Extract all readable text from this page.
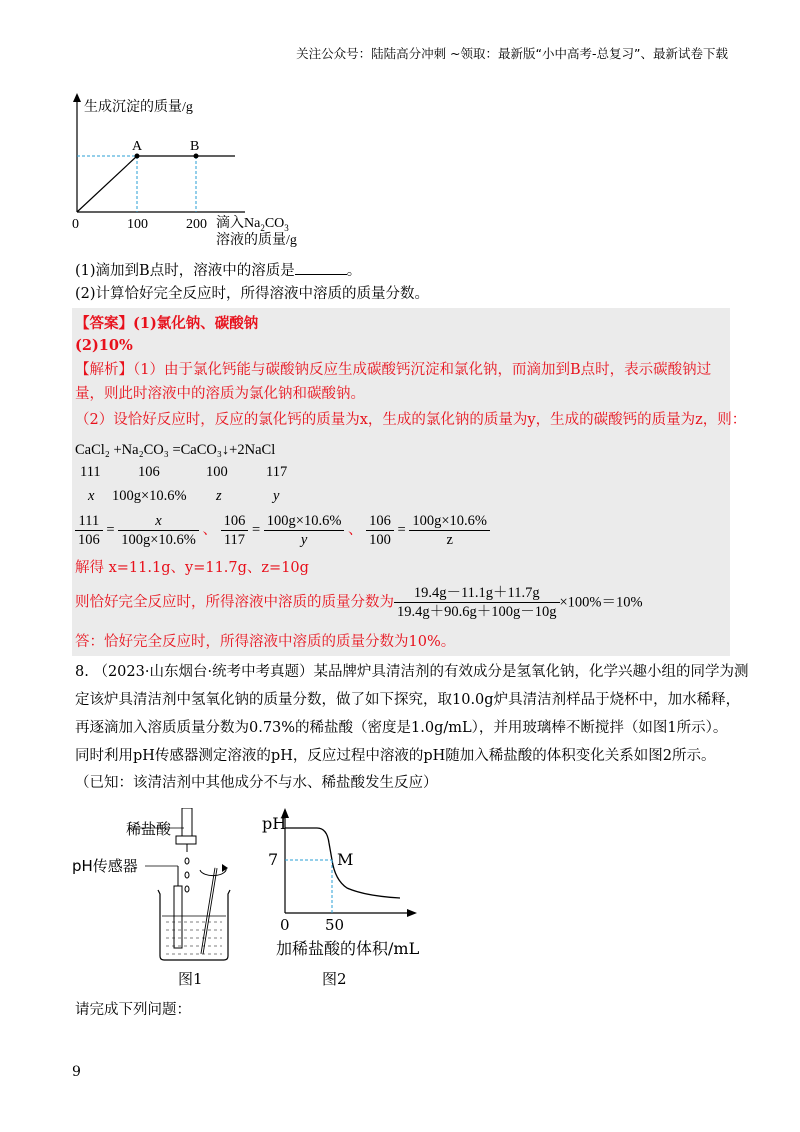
关注公众号：陆陆高分冲刺 ~领取：最新版“小中高考-总复习”、最新试卷下载
A	B
0	100	200
生成沉淀的质量/g
滴入$Na_2CO_3$
溶液的质量/g
(1)滴加到B点时，溶液中的溶质是	。
(2)计算恰好完全反应时，所得溶液中溶质的质量分数。
【答案】(1)氯化钠、碳酸钠
(2)10%
【解析】（1）由于氯化钙能与碳酸钠反应生成碳酸钙沉淀和氯化钠，而滴加到B点时，表示碳酸钠过
量，则此时溶液中的溶质为氯化钠和碳酸钠。
（2）设恰好反应时，反应的氯化钙的质量为x，生成的氯化钠的质量为y，生成的碳酸钙的质量为z，则：
CaCl₂ +Na₂CO₃ =CaCO₃↓+2NaCl
111	106	100	117
x 100g×10.6% z	y
$\frac{111}{106} = \frac{x}{100g\times 10.6\%}$ 、 $\frac{106}{117} = \frac{100g\times 10.6\%}{y}$ 、 $\frac{106}{100} = \frac{100g\times 10.6\%}{z}$
解得 x=11.1g、y=11.7g、z=10g
则恰好完全反应时，所得溶液中溶质的质量分数为 $\frac{19.4g-11.1g+11.7g}{19.4g+90.6g+100g-10g} \times 100\%=10\%$
答：恰好完全反应时，所得溶液中溶质的质量分数为10%。
8. （2023·山东烟台·统考中考真题）某品牌炉具清洁剂的有效成分是氢氧化钠，化学兴趣小组的同学为测
定该炉具清洁剂中氢氧化钠的质量分数，做了如下探究，取10.0g炉具清洁剂样品于烧杯中，加水稀释，
再逐滴加入溶质质量分数为0.73%的稀盐酸（密度是1.0g/mL），并用玻璃棒不断搅拌（如图1所示）。
同时利用pH传感器测定溶液的pH，反应过程中溶液的pH随加入稀盐酸的体积变化关系如图2所示。
（已知：该清洁剂中其他成分不与水、稀盐酸发生反应）
稀盐酸
pH传感器
图1
pH
7	M
0 50
加稀盐酸的体积/mL
图2
请完成下列问题：
9
